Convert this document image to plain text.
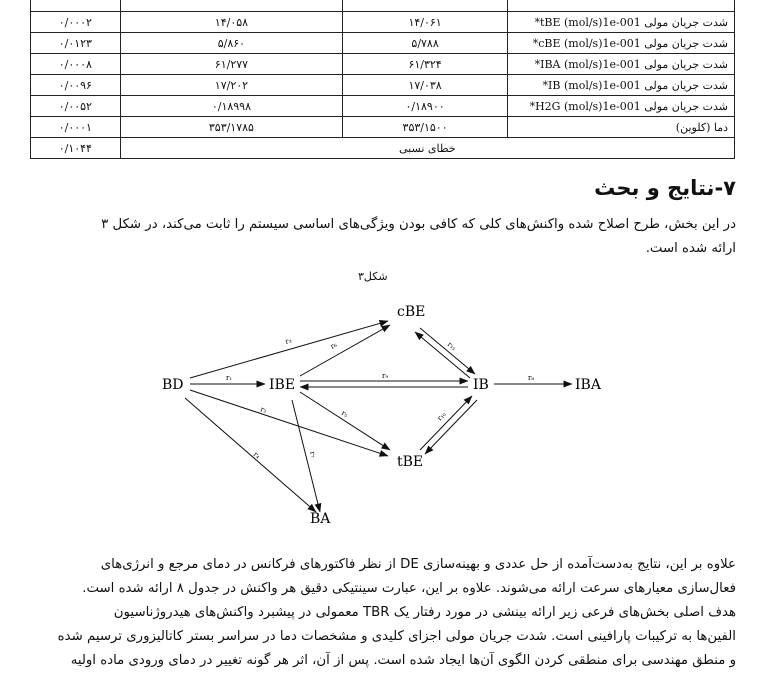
۰/۰۰۰۲	۱۴/۰۵۸	۱۴/۰۶۱	شدت جریان مولی tBE (mol/s)1e-001*
۰/۰۱۲۳	۵/۸۶۰	۵/۷۸۸	شدت جریان مولی cBE (mol/s)1e-001*
۰/۰۰۰۸	۶۱/۲۷۷	۶۱/۳۲۴	شدت جریان مولی IBA (mol/s)1e-001*
۰/۰۰۹۶	۱۷/۲۰۲	۱۷/۰۳۸	شدت جریان مولی IB (mol/s)1e-001*
۰/۰۰۵۲	۰/۱۸۹۹۸	۰/۱۸۹۰۰	شدت جریان مولی H2G (mol/s)1e-001*
۰/۰۰۰۱	۳۵۳/۱۷۸۵	۳۵۳/۱۵۰۰	دما (کلوین)
۰/۱۰۴۴	خطای نسبی		
۷-نتایج و بحث
در این بخش، طرح اصلاح شده واکنش‌های کلی که کافی بودن ویژگی‌های اساسی سیستم را ثابت می‌کند، در شکل ۳
ارائه شده است.
شکل۳
BD	IBE
cBE
tBE
IB	IBA
BA
r₁
r₂
r₃
r₄
r₅
r₆
r₇
r₈
r₉
r₁₀
r₁₁
علاوه بر این، نتایج به‌دست‌آمده از حل عددی و بهینه‌سازی DE از نظر فاکتورهای فرکانس در دمای مرجع و انرژی‌های
فعال‌سازی معیارهای سرعت ارائه می‌شوند. علاوه بر این، عبارت سینتیکی دقیق هر واکنش در جدول ۸ ارائه شده است.
هدف اصلی بخش‌های فرعی زیر ارائه بینشی در مورد رفتار یک TBR معمولی در پیشبرد واکنش‌های هیدروژناسیون
الفین‌ها به ترکیبات پارافینی است. شدت جریان مولی اجزای کلیدی و مشخصات دما در سراسر بستر کاتالیزوری ترسیم شده
و منطق مهندسی برای منطقی کردن الگوی آن‌ها ایجاد شده است. پس از آن، اثر هر گونه تغییر در دمای ورودی ماده اولیه
